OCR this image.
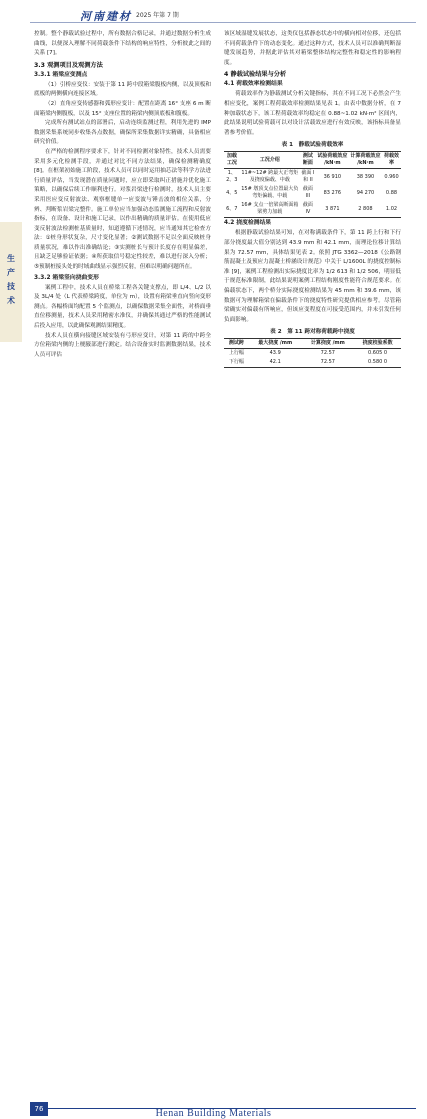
河南建材 2025 年第 7 期
生产技术

控制。整个静载试验过程中，所有数据合格记录，并通过数据分析生成曲线，以便深入理解不同荷载条件下结构的响应特性，分析彼此之间的关系 [7]。

3.3 观测项目及观测方法
3.3.1 箱梁应变测点

（1）引桥应变仪：安装于第 11 跨中段箱梁腹板内侧，以及顶板和底板的两侧横向连接区域。

（2）直角应变传感器和弧形应变计：配置在距离 16° 支座 6 m 断面箱梁内侧腹板，以及 15° 支座位置的箱梁内侧顶底板和腹板。

完成所有测试站点的部署后，启动连续监测过程，利用先进的 IMP 数据采集系统同步收集各点数据，确保所采集数据详实精确，具备相应研究价值。

在严格的检测程序要求下，针对不同检测对象特性，技术人员需要采用多元化检测手段，并通过对比不同方法结果，确保检测精确度 [8]。在框架初始施工阶段，技术人员可以同时运用抽芯法等科学方法进行质量评估，当发现潜在质量问题时，应立即采取纠正措施并优化施工策略，以确保后续工作顺利进行。对浆岩梁进行检测时，技术人员主要采用医应变反射波法、观察框缝单一应变波与锤击波的相位关系，分辨、判断浆岩梁完整件。施工单位应当加强动态监测施工流程和反射波指标，在设备、设计和施工记录，以作出精确的质量评估。在使用低应变反射波法检测桩基质量时，知道遵循下述情况，应当通知其它检查方法：①桩身形状复杂，尺寸变化显著；②测试数据不足以全面反映桩身质量状况，难以作出准确结论；③实测桩长与预计长度存在明显偏差，且缺乏足够验证依据；④所获取信号稳定性较差，难以进行深入分析；⑤预制桩接头处的时域曲线显示强烈反射，但难以明确问题所在。

3.3.2 箱梁竖向挠曲变形

案例工程中，技术人员在桥梁工程各关键支撑点，即 L/4、L/2 以及 3L/4 处（L 代表桥梁跨度，单位为 m），设置有箱梁垂直向竖向变形测点。各幅桥面均配置 5 个监测点，以确保数据采集全面性，对桥面垂直位移测量，技术人员采用精密水准仪，并确保其通过严格的性能测试后投入应用，以此确保观测结果精度。

技术人员在横向接缝区域安装有弓形应变计，对第 11 跨的中跨全方位箱梁内侧的上梗腋部进行测定。结合设备实时监测数据结果，技术人员可评估

该区域湿缝发展状态，这类仪包括静态状态中的横向相对位移，还包括不同荷载条件下的动态变化。通过这种方式，技术人员可以准确判断湿缝发展趋势，并据此评估其对箱梁整体结构完整性和稳定性的影响程度。

4 静载试验结果与分析
4.1 荷载效率检测结果

荷载效率作为静载测试分析关键指标，其在不同工况下必然会产生相应变化，案例工程荷载效率检测结果见表 1。由表中数据分析，在 7 种加载状态下，该工程荷载效率均稳定在 0.88~1.02 kN·m² 区间内，此结果说明试验荷载可以对设计活载效应进行有效反映，该指标具备显著参考价值。

表 1　静载试验荷载效率
加载工况	工况介绍	测试断面	试验荷载效应 /kN·m	计算荷载效应 /kN·m	荷载效率
1、2、3	11#~12# 跨最大正弯矩及挠度偏载、中载	截面 I 和 II	36 910	38 390	0.960
4、5	15# 墩顶支点位置最大负弯矩偏载、中载	截面 III	83 276	94 270	0.88
6、7	16# 支点一倍梁高断面箱梁剪力加载	截面 IV	3 871	2 808	1.02
4.2 挠度检测结果

根据静载试验结果可知，在对称满载条件下，第 11 跨上行和下行部分挠度最大值分别达到 43.9 mm 和 42.1 mm，而理论位移计算结果为 72.57 mm，具体结果见表 2。依照 JTG 3362—2018《公路钢筋混凝土及预应力混凝土桥涵设计规范》中关于 L/1600L 的挠度控制标准 [9]，案例工程检测出实际挠度比率为 1/2 613 和 1/2 506，明显低于规范标准限制，此结果说明案例工程结构刚度性能符合规范要求。在偏载状态下，两个桥分实际挠度检测结果为 45 mm 和 39.6 mm，该数据可为理解箱梁在偏载条件下的挠度特性研究提供相应参考。尽管箱梁确实对偏载有所响应，但该应变程度在可接受范围内，并未引发任何负面影响。

表 2　第 11 跨对称荷载跨中挠度
测试跨	最大挠度 /mm	计算挠度 /mm	挠度校验系数
上行幅	43.9	72.57	0.605 0
下行幅	42.1	72.57	0.580 0
76	Henan Building Materials
